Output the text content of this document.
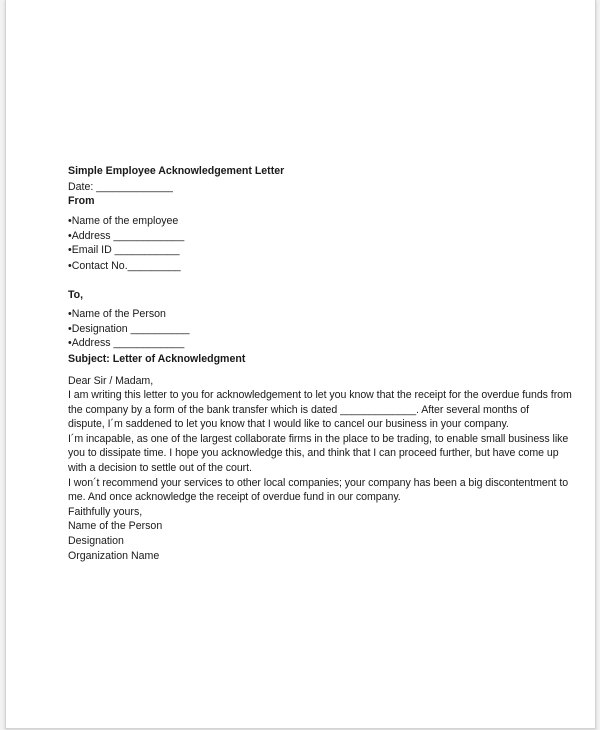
Simple Employee Acknowledgement Letter
Date: _____________
From
•Name of the employee
•Address ____________
•Email ID ___________
•Contact No._________
To,
•Name of the Person
•Designation __________
•Address ____________
Subject: Letter of Acknowledgment
Dear Sir / Madam,
I am writing this letter to you for acknowledgement to let you know that the receipt for the overdue funds from
the company by a form of the bank transfer which is dated _____________. After several months of
dispute, I´m saddened to let you know that I would like to cancel our business in your company.
I´m incapable, as one of the largest collaborate firms in the place to be trading, to enable small business like
you to dissipate time. I hope you acknowledge this, and think that I can proceed further, but have come up
with a decision to settle out of the court.
I won´t recommend your services to other local companies; your company has been a big discontentment to
me. And once acknowledge the receipt of overdue fund in our company.
Faithfully yours,
Name of the Person
Designation
Organization Name
